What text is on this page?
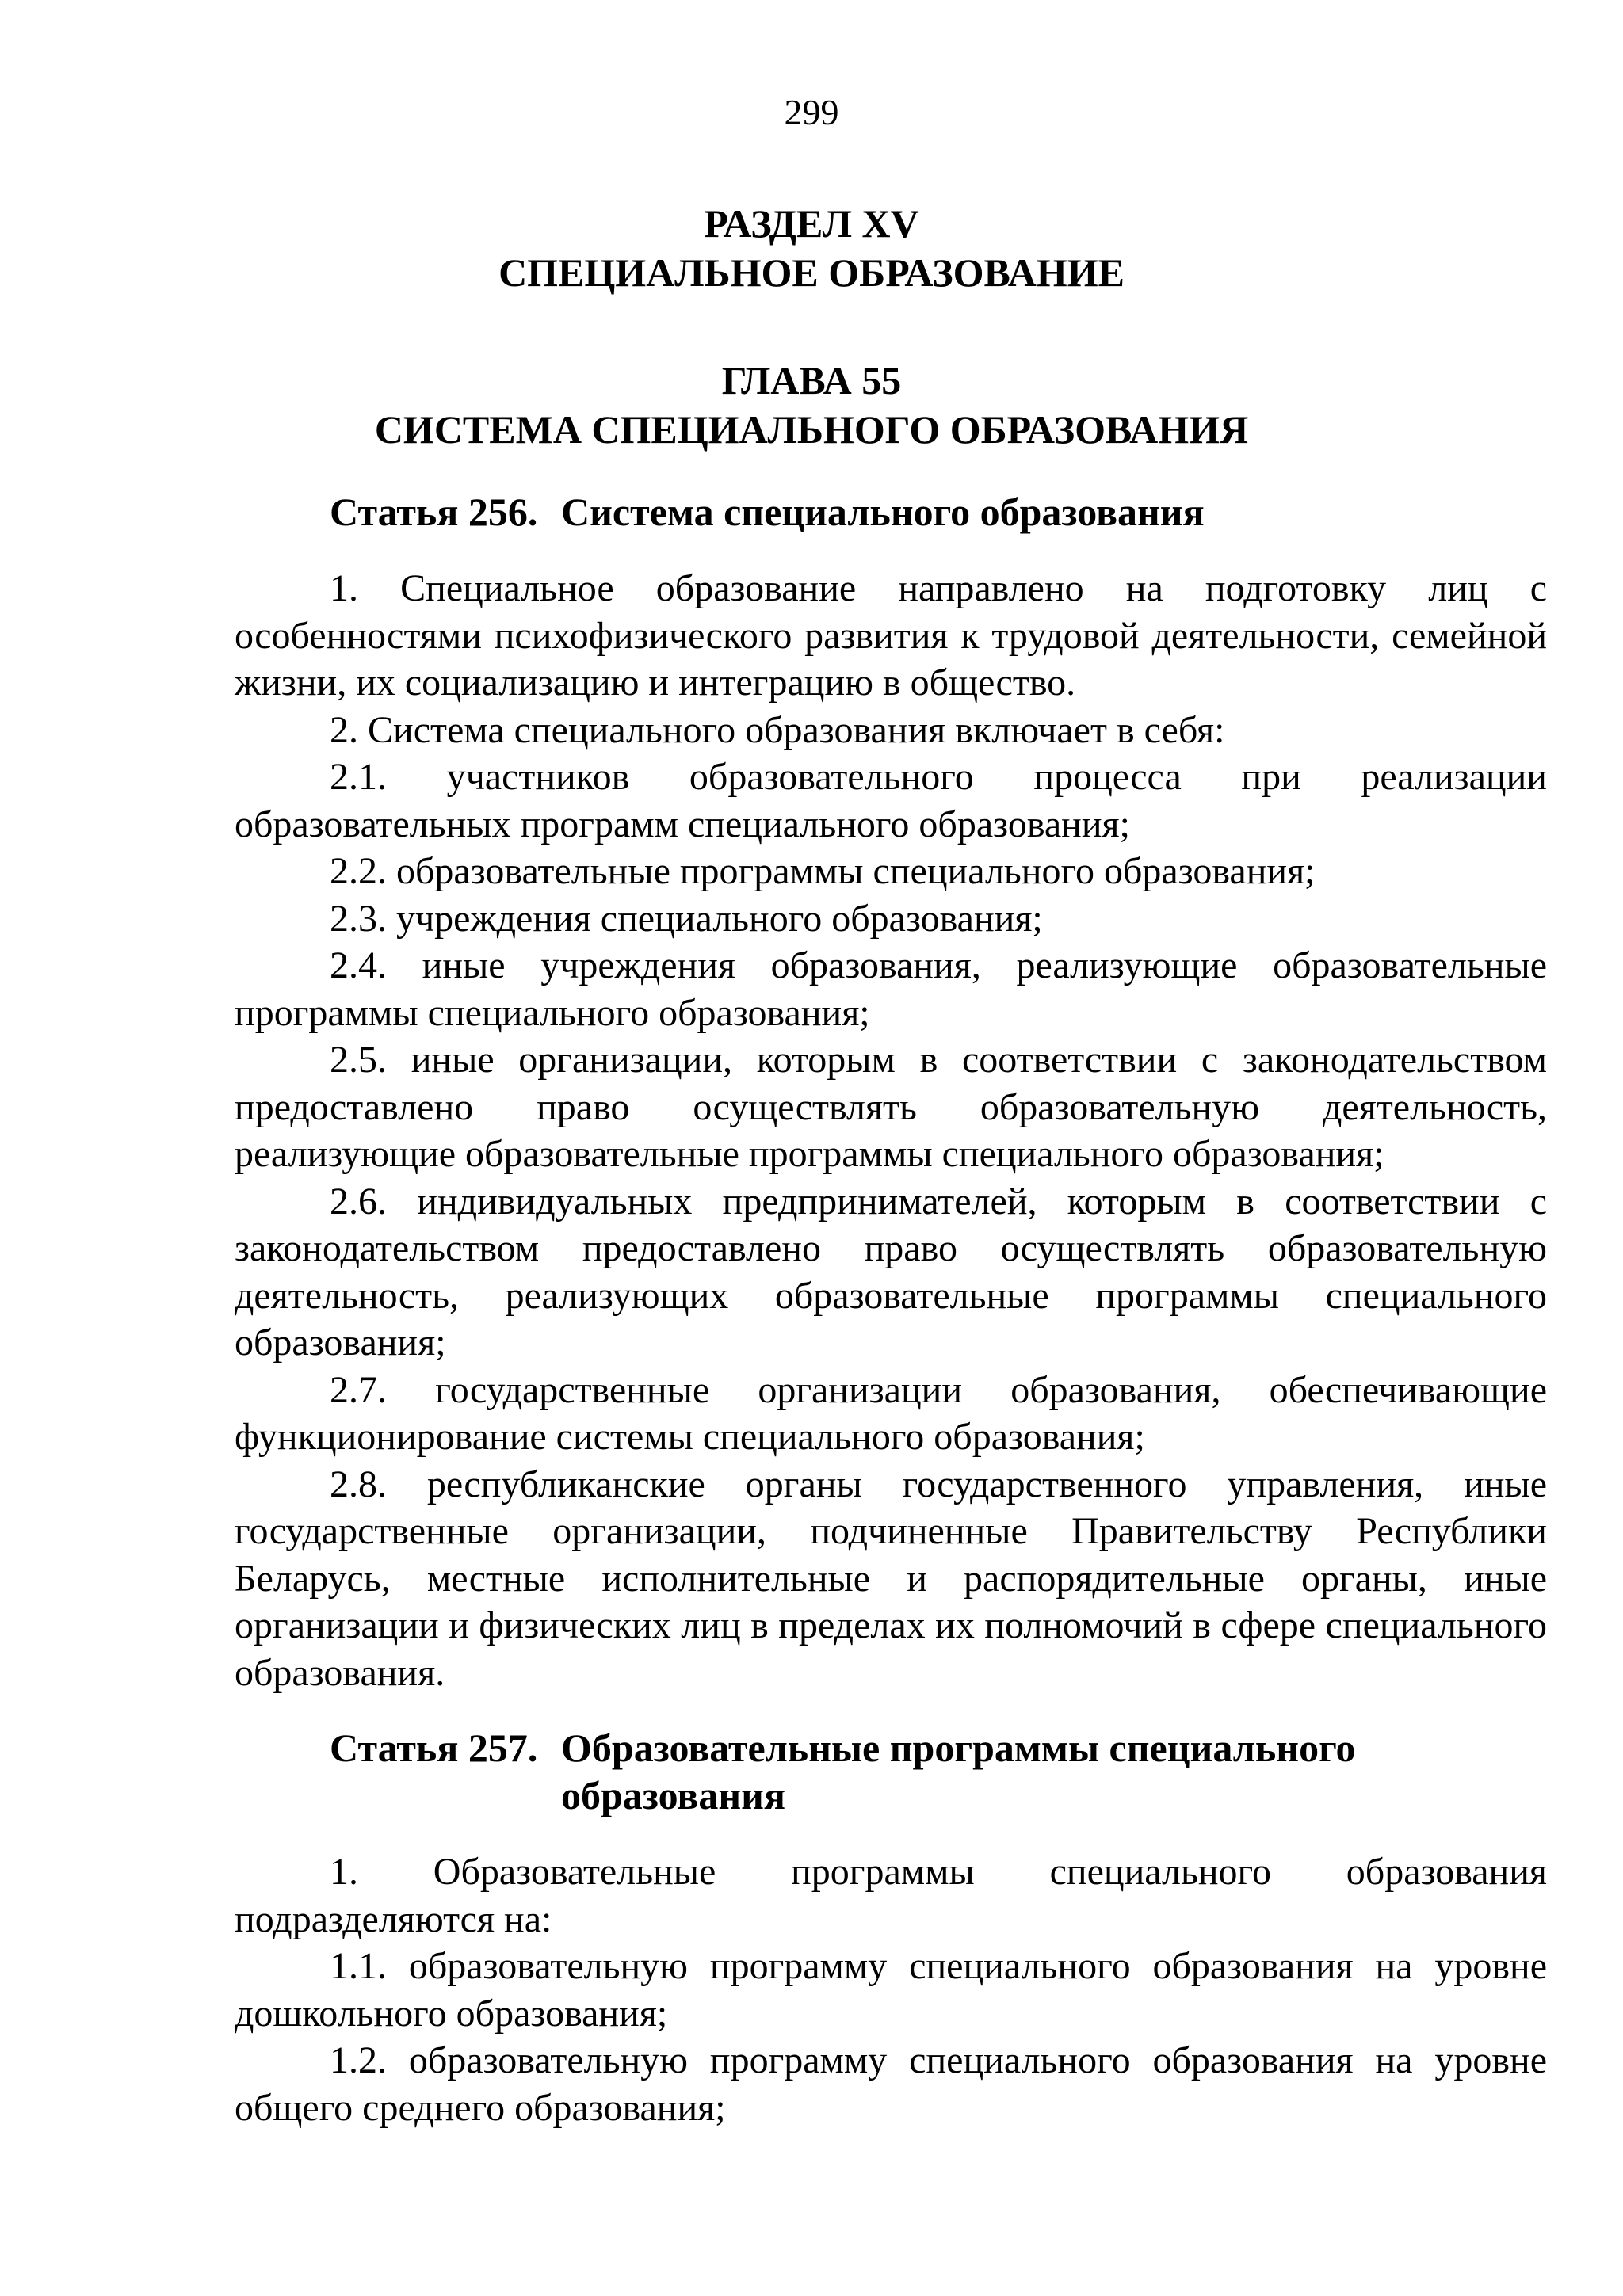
299
РАЗДЕЛ XV
СПЕЦИАЛЬНОЕ ОБРАЗОВАНИЕ
ГЛАВА 55
СИСТЕМА СПЕЦИАЛЬНОГО ОБРАЗОВАНИЯ
Статья 256. Система специального образования

1. Специальное образование направлено на подготовку лиц с особенностями психофизического развития к трудовой деятельности, семейной жизни, их социализацию и интеграцию в общество.

2. Система специального образования включает в себя:

2.1. участников образовательного процесса при реализации образовательных программ специального образования;

2.2. образовательные программы специального образования;

2.3. учреждения специального образования;

2.4. иные учреждения образования, реализующие образовательные программы специального образования;

2.5. иные организации, которым в соответствии с законодательством предоставлено право осуществлять образовательную деятельность, реализующие образовательные программы специального образования;

2.6. индивидуальных предпринимателей, которым в соответствии с законодательством предоставлено право осуществлять образовательную деятельность, реализующих образовательные программы специального образования;

2.7. государственные организации образования, обеспечивающие функционирование системы специального образования;

2.8. республиканские органы государственного управления, иные государственные организации, подчиненные Правительству Республики Беларусь, местные исполнительные и распорядительные органы, иные организации и физических лиц в пределах их полномочий в сфере специального образования.

Статья 257. Образовательные программы специального
образования

1. Образовательные программы специального образования подразделяются на:

1.1. образовательную программу специального образования на уровне дошкольного образования;

1.2. образовательную программу специального образования на уровне общего среднего образования;
